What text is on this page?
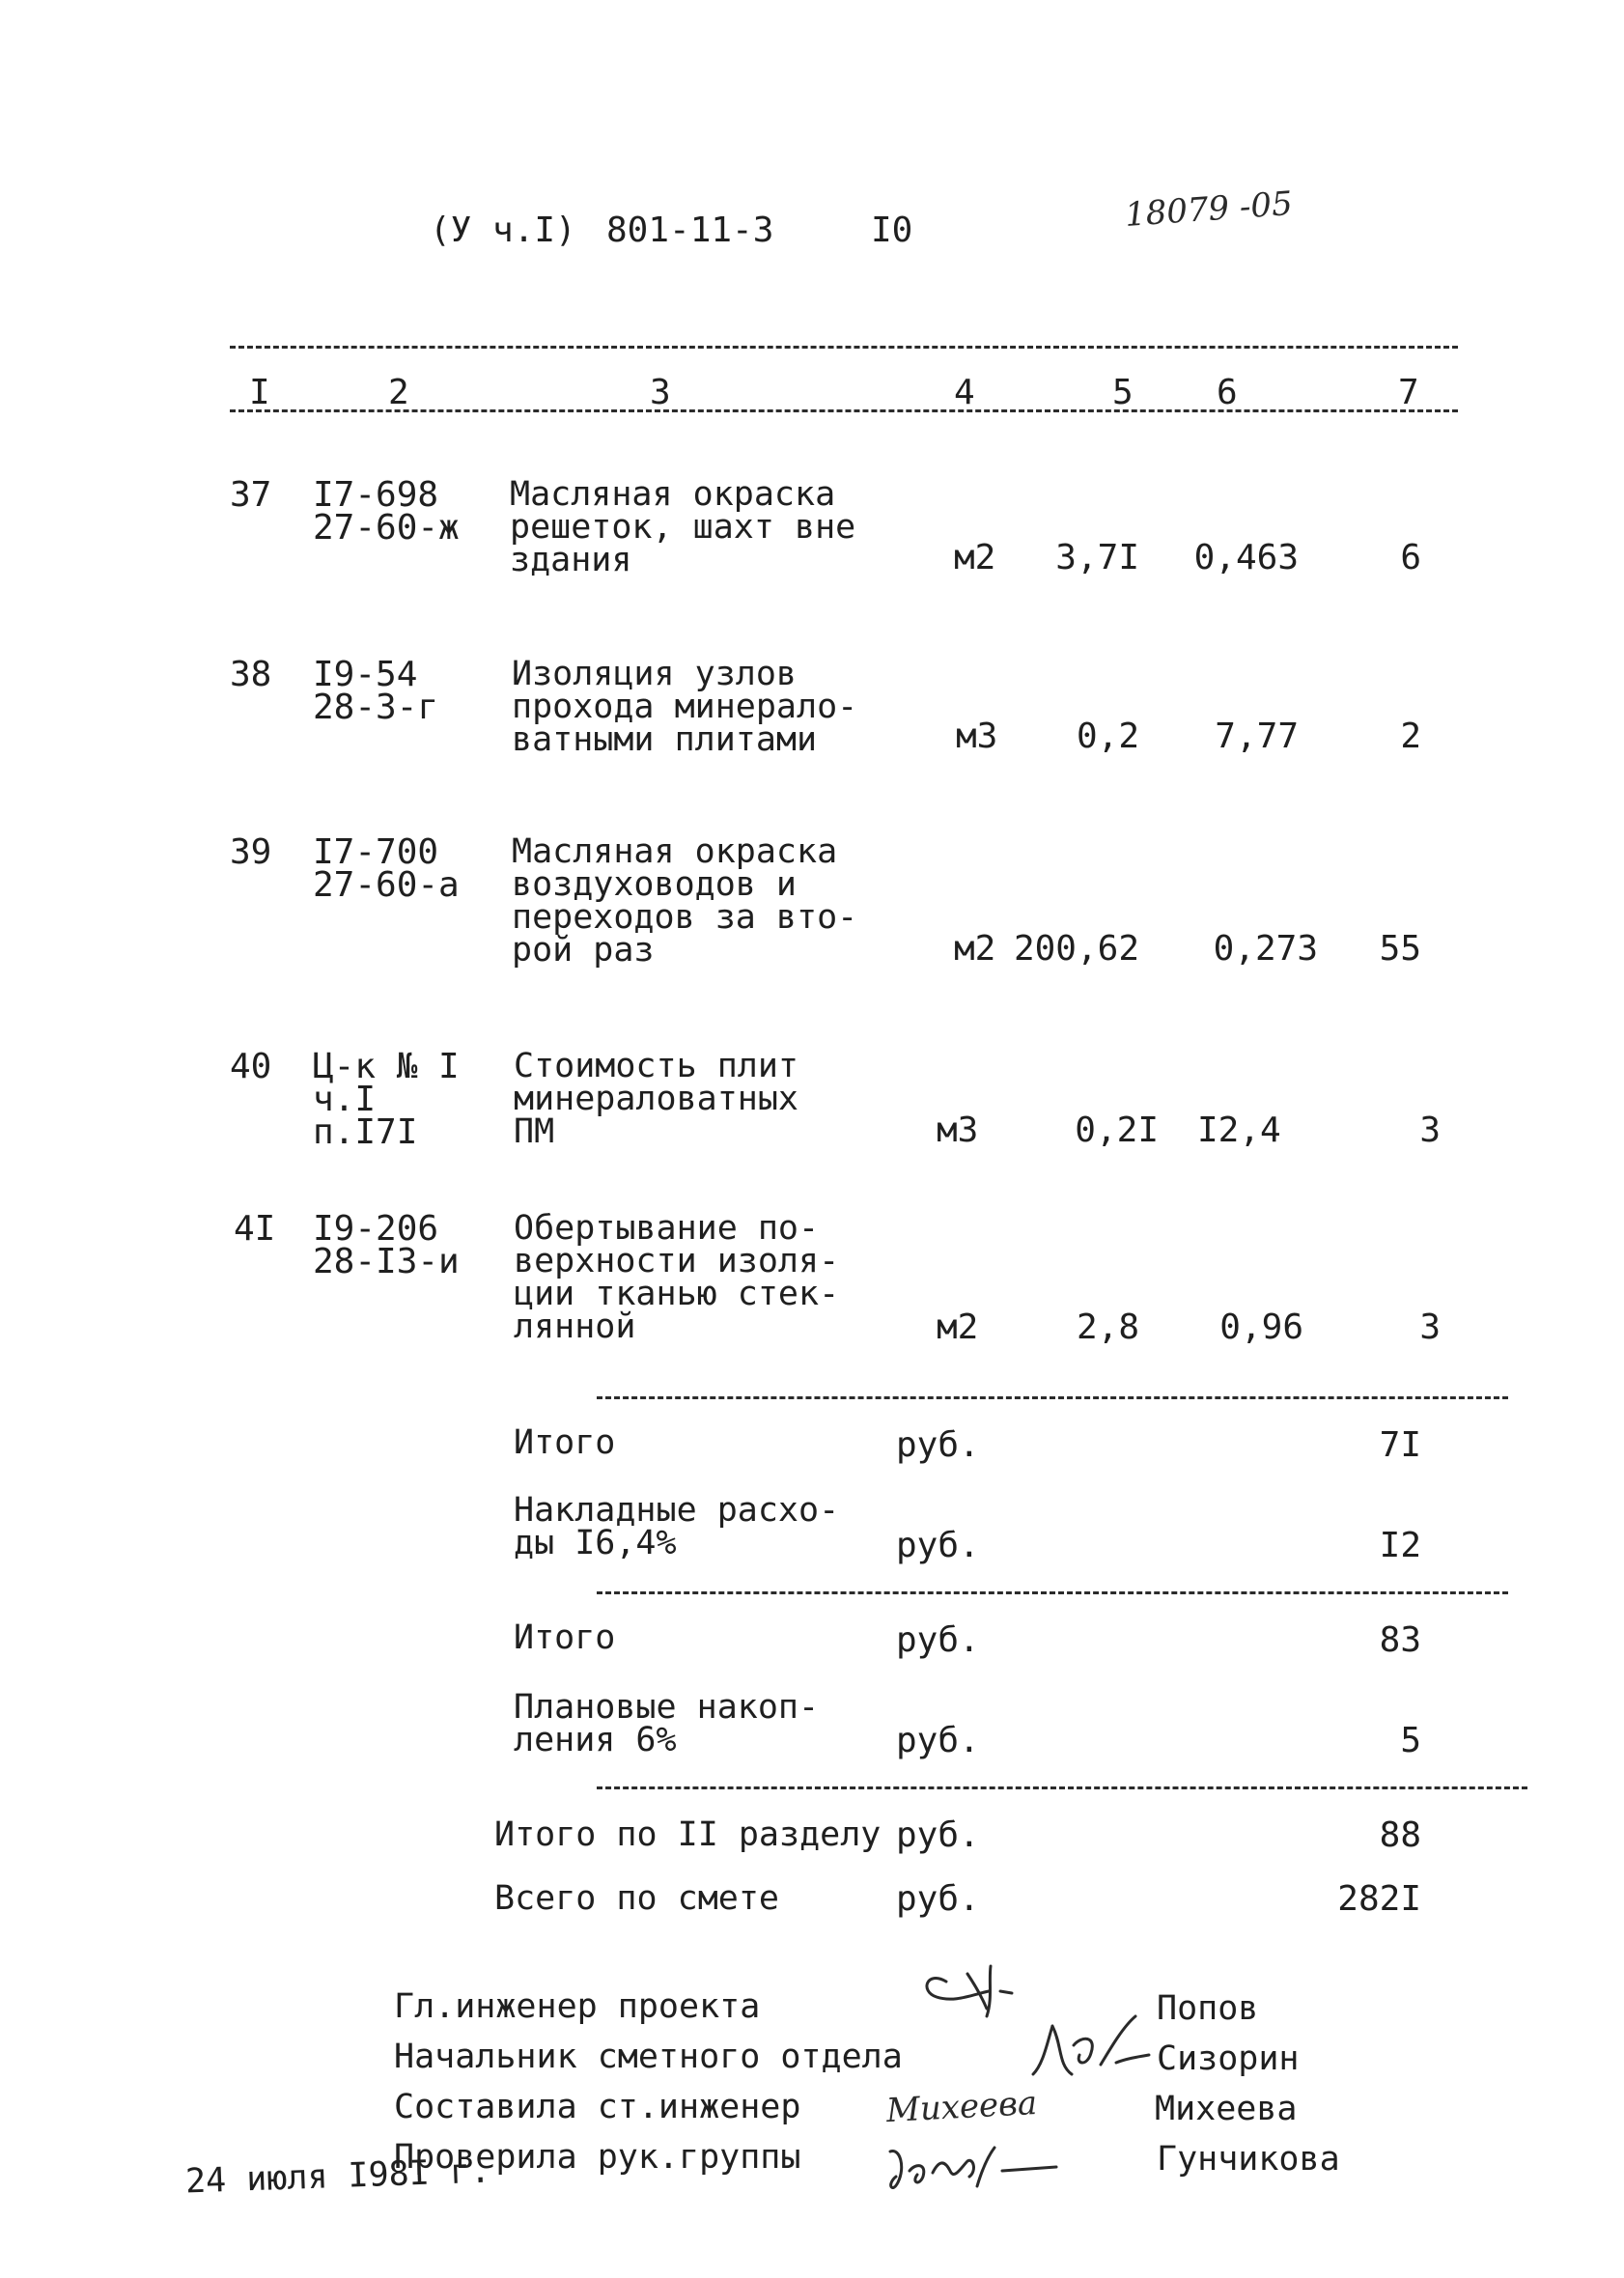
(У ч.I) 801-11-3	I0	18079 -05
I	2	3	4	5 6	7
37 I7-698
27-60-ж
Масляная окраска
решеток, шахт вне
здания	м2	3,7I	0,463	6
38 I9-54
28-3-г
Изоляция узлов
прохода минерало-
ватными плитами	м3	0,2	7,77	2
39 I7-700
27-60-а
Масляная окраска
воздуховодов и
переходов за вто-
рой раз	м2 200,62	0,273	55
40 Ц-к № I
ч.I
п.I7I
Стоимость плит
минераловатных
ПМ	м3	0,2I I2,4	3
4I I9-206
28-I3-и
Обертывание по-
верхности изоля-
ции тканью стек-
лянной	м2	2,8	0,96	3
Итого	руб.	7I
Накладные расхо-
ды I6,4%	руб.	I2
Итого	руб.	83
Плановые накоп-
ления 6%	руб.	5
Итого по II разделу руб.	88
Всего по смете	руб.	282I
Гл.инженер проекта	Попов
Начальник сметного отдела	Сизорин
Составила ст.инженер	Михеева
Проверила рук.группы	Гунчикова
24 июля I98I г.
Михеева
